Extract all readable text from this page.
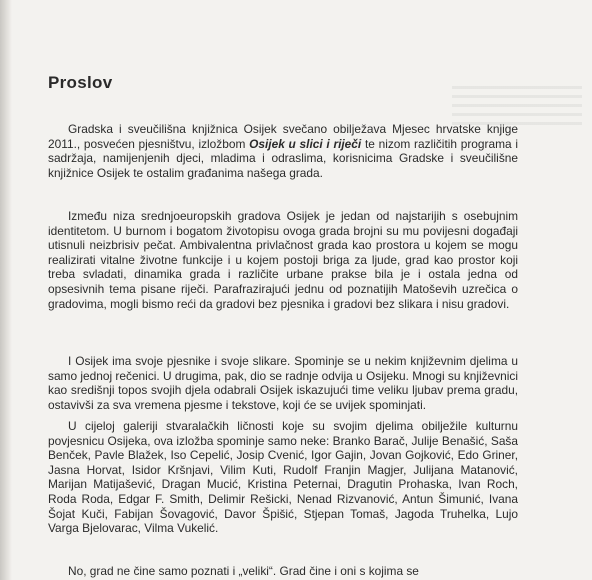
Proslov

Gradska i sveučilišna knjižnica Osijek svečano obilježava Mjesec hrvatske knjige 2011., posvećen pjesništvu, izložbom Osijek u slici i riječi te nizom različitih programa i sadržaja, namijenjenih djeci, mladima i odraslima, korisnicima Gradske i sveučilišne knjižnice Osijek te ostalim građanima našega grada.

Između niza srednjoeuropskih gradova Osijek je jedan od najstarijih s osebujnim identitetom. U burnom i bogatom životopisu ovoga grada brojni su mu povijesni događaji utisnuli neizbrisiv pečat. Ambivalentna privlačnost grada kao prostora u kojem se mogu realizirati vitalne životne funkcije i u kojem postoji briga za ljude, grad kao prostor koji treba svladati, dinamika grada i različite urbane prakse bila je i ostala jedna od opsesivnih tema pisane riječi. Parafrazirajući jednu od poznatijih Matoševih uzrečica o gradovima, mogli bismo reći da gradovi bez pjesnika i gradovi bez slikara i nisu gradovi.

I Osijek ima svoje pjesnike i svoje slikare. Spominje se u nekim književnim djelima u samo jednoj rečenici. U drugima, pak, dio se radnje odvija u Osijeku. Mnogi su književnici kao središnji topos svojih djela odabrali Osijek iskazujući time veliku ljubav prema gradu, ostavivši za sva vremena pjesme i tekstove, koji će se uvijek spominjati.

U cijeloj galeriji stvaralačkih ličnosti koje su svojim djelima obilježile kulturnu povjesnicu Osijeka, ova izložba spominje samo neke: Branko Barač, Julije Benašić, Saša Benček, Pavle Blažek, Iso Cepelić, Josip Cvenić, Igor Gajin, Jovan Gojković, Edo Griner, Jasna Horvat, Isidor Kršnjavi, Vilim Kuti, Rudolf Franjin Magjer, Julijana Matanović, Marijan Matijašević, Dragan Mucić, Kristina Peternai, Dragutin Prohaska, Ivan Roch, Roda Roda, Edgar F. Smith, Delimir Rešicki, Nenad Rizvanović, Antun Šimunić, Ivana Šojat Kuči, Fabijan Šovagović, Davor Špišić, Stjepan Tomaš, Jagoda Truhelka, Lujo Varga Bjelovarac, Vilma Vukelić.

No, grad ne čine samo poznati i „veliki“. Grad čine i oni s kojima se
